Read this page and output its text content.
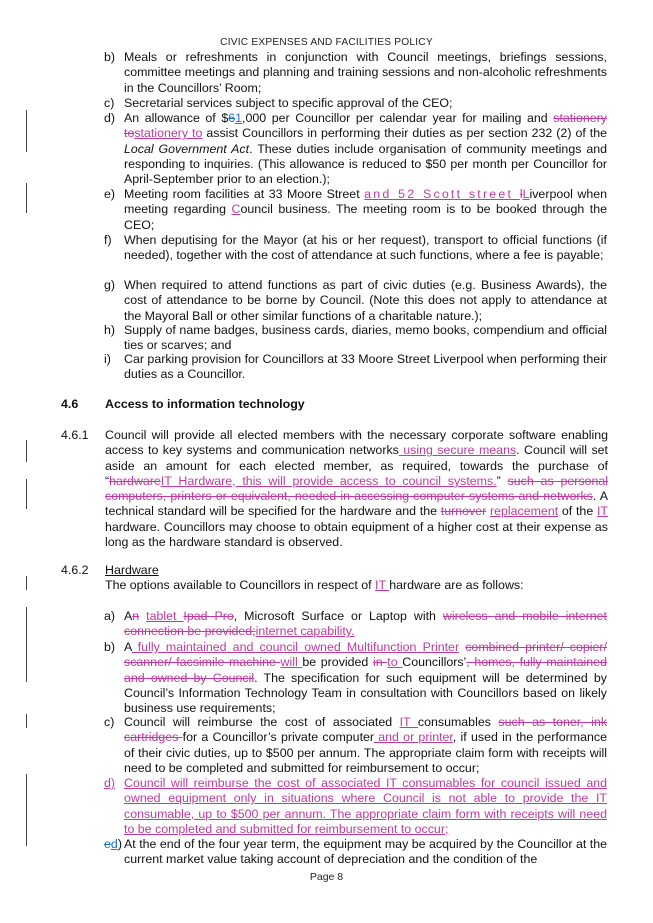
CIVIC EXPENSES AND FACILITIES POLICY
b) Meals or refreshments in conjunction with Council meetings, briefings sessions, committee meetings and planning and training sessions and non-alcoholic refreshments in the Councillors’ Room;
c) Secretarial services subject to specific approval of the CEO;
d) An allowance of $61,000 per Councillor per calendar year for mailing and stationery tostationery to assist Councillors in performing their duties as per section 232 (2) of the Local Government Act. These duties include organisation of community meetings and responding to inquiries. (This allowance is reduced to $50 per month per Councillor for April-September prior to an election.);
e) Meeting room facilities at 33 Moore Street and 52 Scott street lLiverpool when meeting regarding Council business. The meeting room is to be booked through the CEO;
f)	When deputising for the Mayor (at his or her request), transport to official functions (if needed), together with the cost of attendance at such functions, where a fee is payable;
g) When required to attend functions as part of civic duties (e.g. Business Awards), the cost of attendance to be borne by Council. (Note this does not apply to attendance at the Mayoral Ball or other similar functions of a charitable nature.);
h) Supply of name badges, business cards, diaries, memo books, compendium and official ties or scarves; and
i)	Car parking provision for Councillors at 33 Moore Street Liverpool when performing their duties as a Councillor.
4.6 Access to information technology
4.6.1	Council will provide all elected members with the necessary corporate software enabling access to key systems and communication networks using secure means. Council will set aside an amount for each elected member, as required, towards the purchase of “hardwareIT Hardware, this will provide access to council systems.” such as personal computers, printers or equivalent, needed in accessing computer systems and networks. A technical standard will be specified for the hardware and the turnover replacement of the IT hardware. Councillors may choose to obtain equipment of a higher cost at their expense as long as the hardware standard is observed.
4.6.2	Hardware
The options available to Councillors in respect of IT hardware are as follows:
a) An tablet Ipad Pro, Microsoft Surface or Laptop with wireless and mobile internet connection be provided;internet capability.
b) A fully maintained and council owned Multifunction Printer combined printer/ copier/ scanner/ facsimile machine will be provided in to Councillors’, homes, fully maintained and owned by Council. The specification for such equipment will be determined by Council’s Information Technology Team in consultation with Councillors based on likely business use requirements;
c) Council will reimburse the cost of associated IT consumables such as toner, ink cartridges for a Councillor’s private computer and or printer, if used in the performance of their civic duties, up to $500 per annum. The appropriate claim form with receipts will need to be completed and submitted for reimbursement to occur;
d) Council will reimburse the cost of associated IT consumables for council issued and owned equipment only in situations where Council is not able to provide the IT consumable, up to $500 per annum. The appropriate claim form with receipts will need to be completed and submitted for reimbursement to occur;
ed) At the end of the four year term, the equipment may be acquired by the Councillor at the current market value taking account of depreciation and the condition of the
Page 8
